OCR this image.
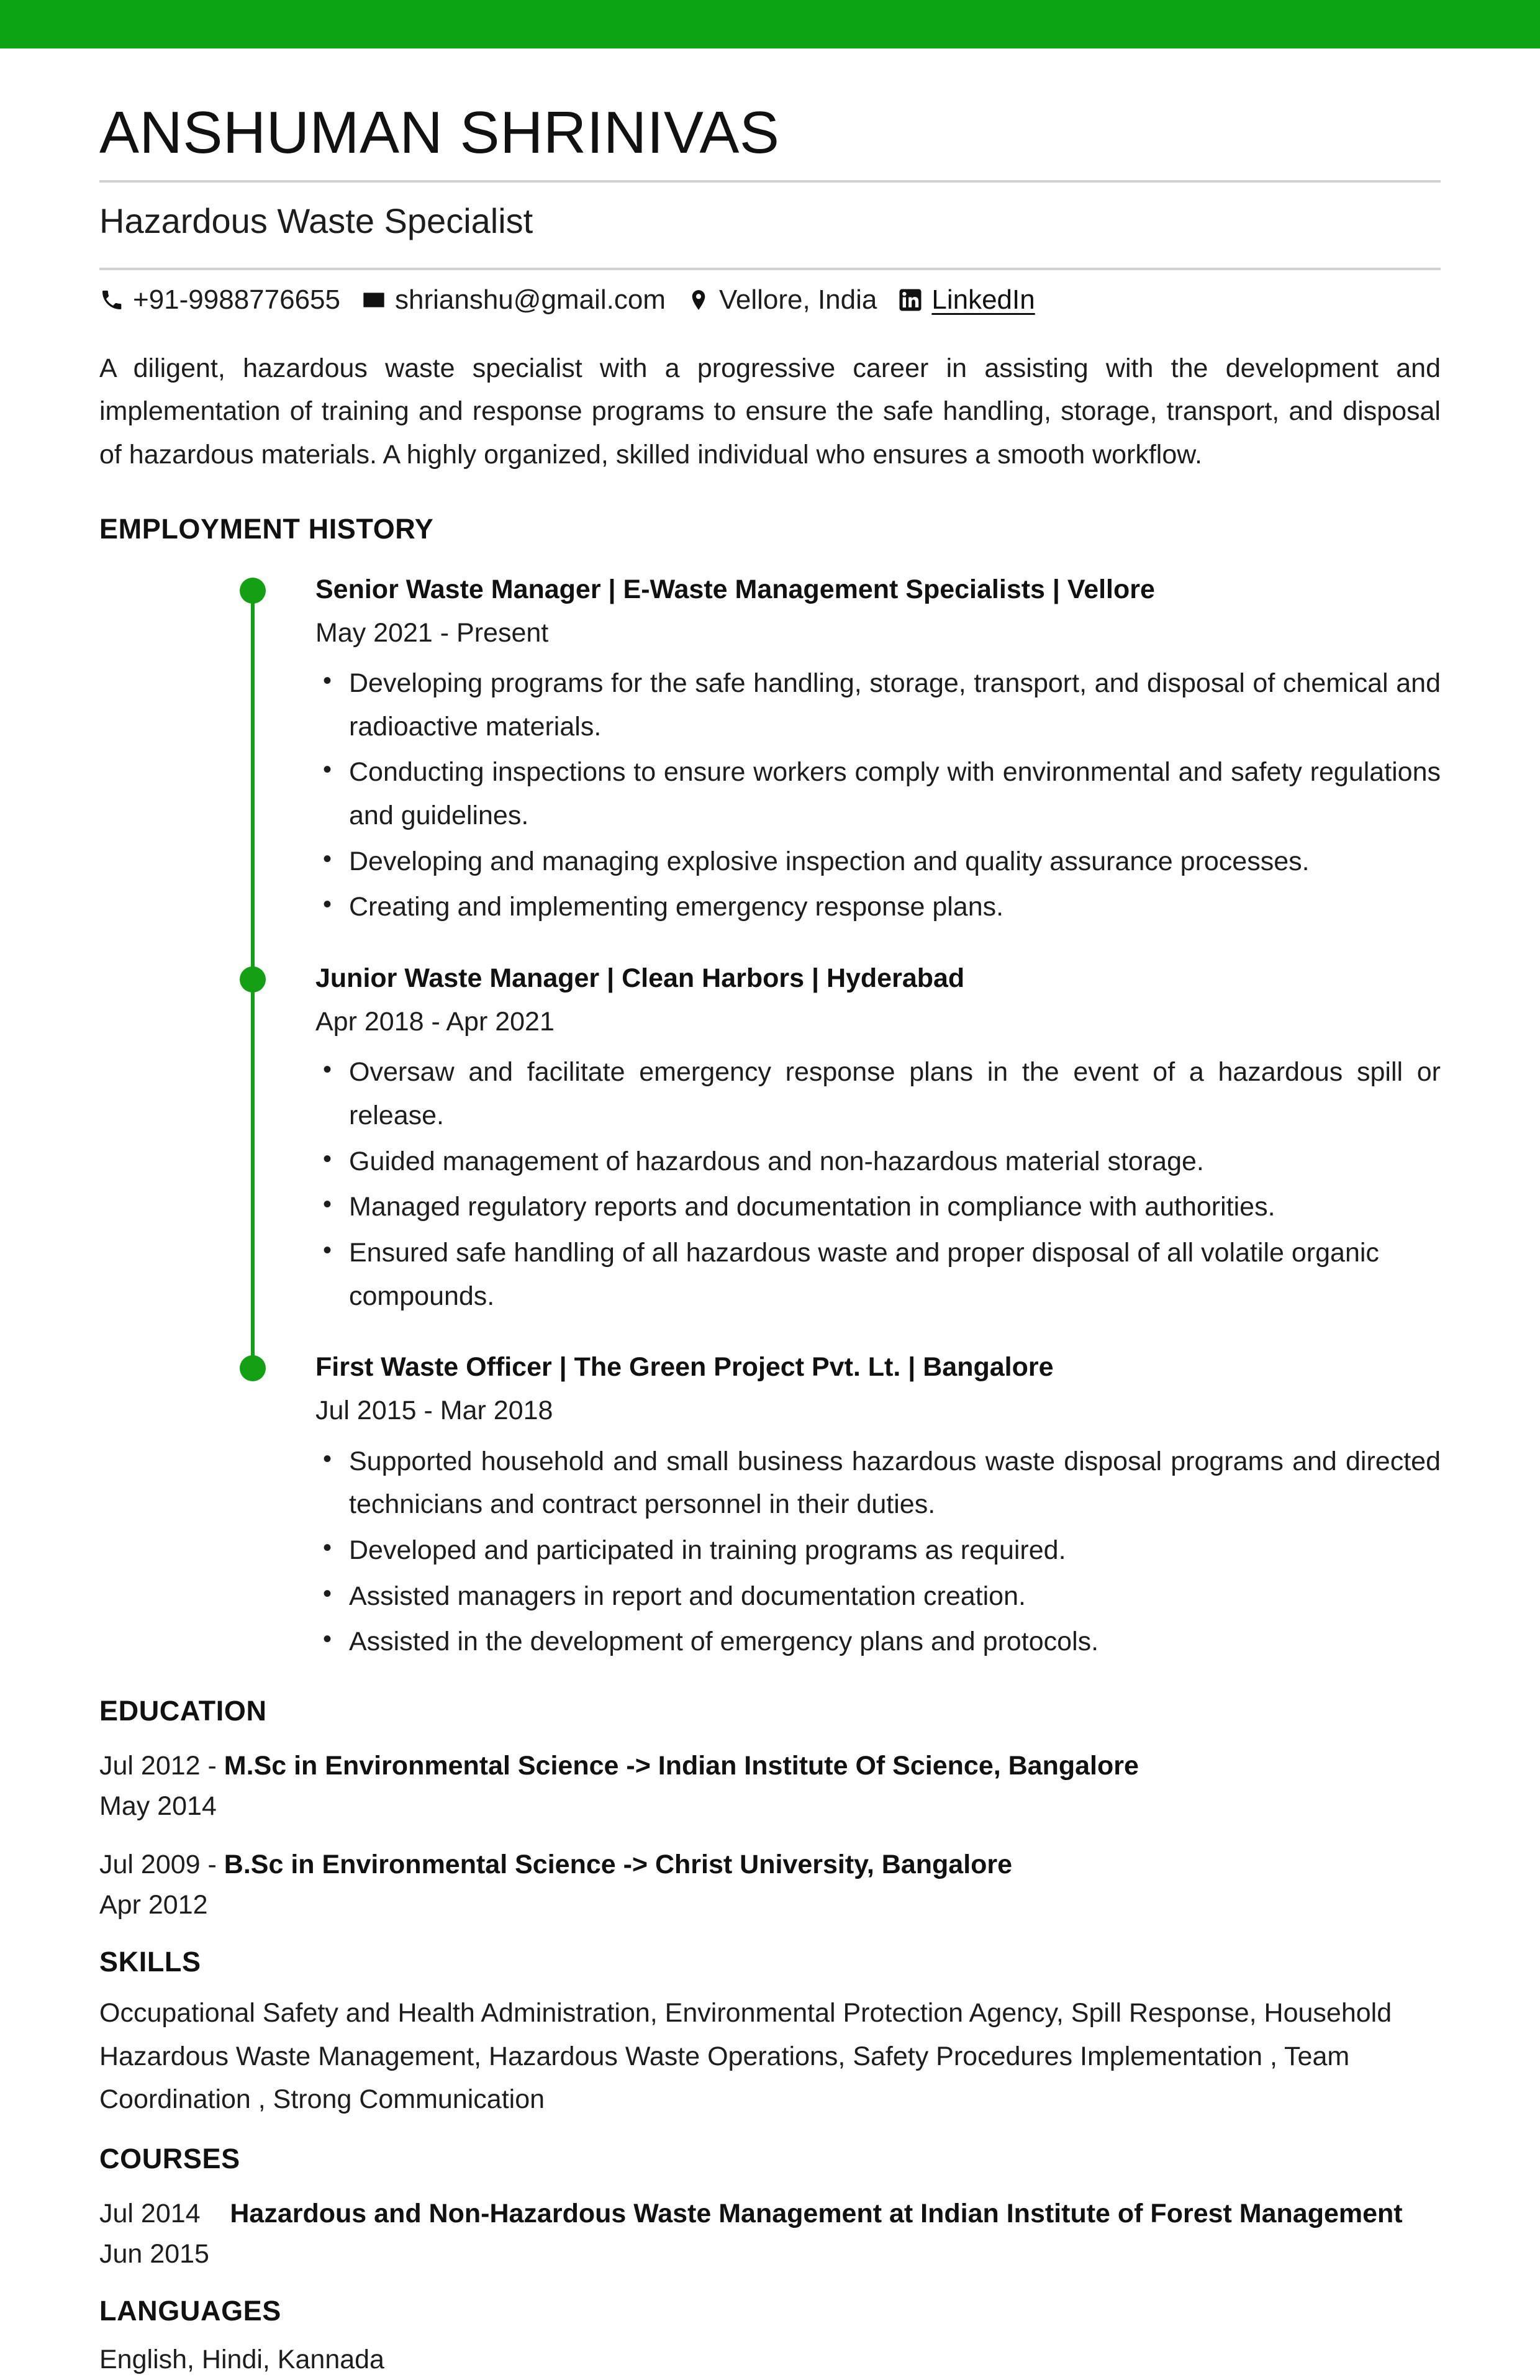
ANSHUMAN SHRINIVAS
Hazardous Waste Specialist
+91-9988776655 shrianshu@gmail.com Vellore, India LinkedIn
A diligent, hazardous waste specialist with a progressive career in assisting with the development and implementation of training and response programs to ensure the safe handling, storage, transport, and disposal of hazardous materials. A highly organized, skilled individual who ensures a smooth workflow.
EMPLOYMENT HISTORY
Senior Waste Manager | E-Waste Management Specialists | Vellore
May 2021 - Present
• Developing programs for the safe handling, storage, transport, and disposal of chemical and radioactive materials.
• Conducting inspections to ensure workers comply with environmental and safety regulations and guidelines.
• Developing and managing explosive inspection and quality assurance processes.
• Creating and implementing emergency response plans.
Junior Waste Manager | Clean Harbors | Hyderabad
Apr 2018 - Apr 2021
• Oversaw and facilitate emergency response plans in the event of a hazardous spill or release.
• Guided management of hazardous and non-hazardous material storage.
• Managed regulatory reports and documentation in compliance with authorities.
• Ensured safe handling of all hazardous waste and proper disposal of all volatile organic compounds.
First Waste Officer | The Green Project Pvt. Lt. | Bangalore
Jul 2015 - Mar 2018
• Supported household and small business hazardous waste disposal programs and directed technicians and contract personnel in their duties.
• Developed and participated in training programs as required.
• Assisted managers in report and documentation creation.
• Assisted in the development of emergency plans and protocols.
EDUCATION
Jul 2012 - M.Sc in Environmental Science -> Indian Institute Of Science, Bangalore
May 2014
Jul 2009 - B.Sc in Environmental Science -> Christ University, Bangalore
Apr 2012
SKILLS
Occupational Safety and Health Administration, Environmental Protection Agency, Spill Response, Household Hazardous Waste Management, Hazardous Waste Operations, Safety Procedures Implementation , Team Coordination , Strong Communication
COURSES
Jul 2014 Hazardous and Non-Hazardous Waste Management at Indian Institute of Forest Management
Jun 2015
LANGUAGES
English, Hindi, Kannada
